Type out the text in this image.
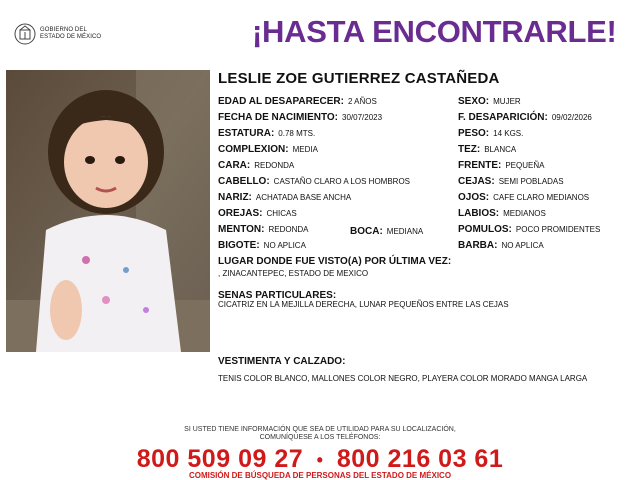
GOBIERNO DEL
ESTADO DE MÉXICO	¡HASTA ENCONTRARLE!
LESLIE ZOE GUTIERREZ CASTAÑEDA
EDAD AL DESAPARECER: 2 AÑOS
FECHA DE NACIMIENTO: 30/07/2023
ESTATURA: 0.78 MTS.
COMPLEXION: MEDIA
CARA: REDONDA
CABELLO: CASTAÑO CLARO A LOS HOMBROS
NARIZ: ACHATADA BASE ANCHA
OREJAS: CHICAS
MENTON: REDONDA	BOCA: MEDIANA
BIGOTE: NO APLICA
SEXO: MUJER
F. DESAPARICIÓN: 09/02/2026
PESO: 14 KGS.
TEZ: BLANCA
FRENTE: PEQUEÑA
CEJAS: SEMI POBLADAS
OJOS: CAFE CLARO MEDIANOS
LABIOS: MEDIANOS
POMULOS: POCO PROMIDENTES
BARBA: NO APLICA
LUGAR DONDE FUE VISTO(A) POR ÚLTIMA VEZ:
, ZINACANTEPEC, ESTADO DE MEXICO
SENAS PARTICULARES:
CICATRIZ EN LA MEJILLA DERECHA, LUNAR PEQUEÑOS ENTRE LAS CEJAS
VESTIMENTA Y CALZADO:
TENIS COLOR BLANCO, MALLONES COLOR NEGRO, PLAYERA COLOR MORADO MANGA LARGA
SI USTED TIENE INFORMACIÓN QUE SEA DE UTILIDAD PARA SU LOCALIZACIÓN,
COMUNÍQUESE A LOS TELÉFONOS:
800 509 09 27 • 800 216 03 61
COMISIÓN DE BÚSQUEDA DE PERSONAS DEL ESTADO DE MÉXICO
